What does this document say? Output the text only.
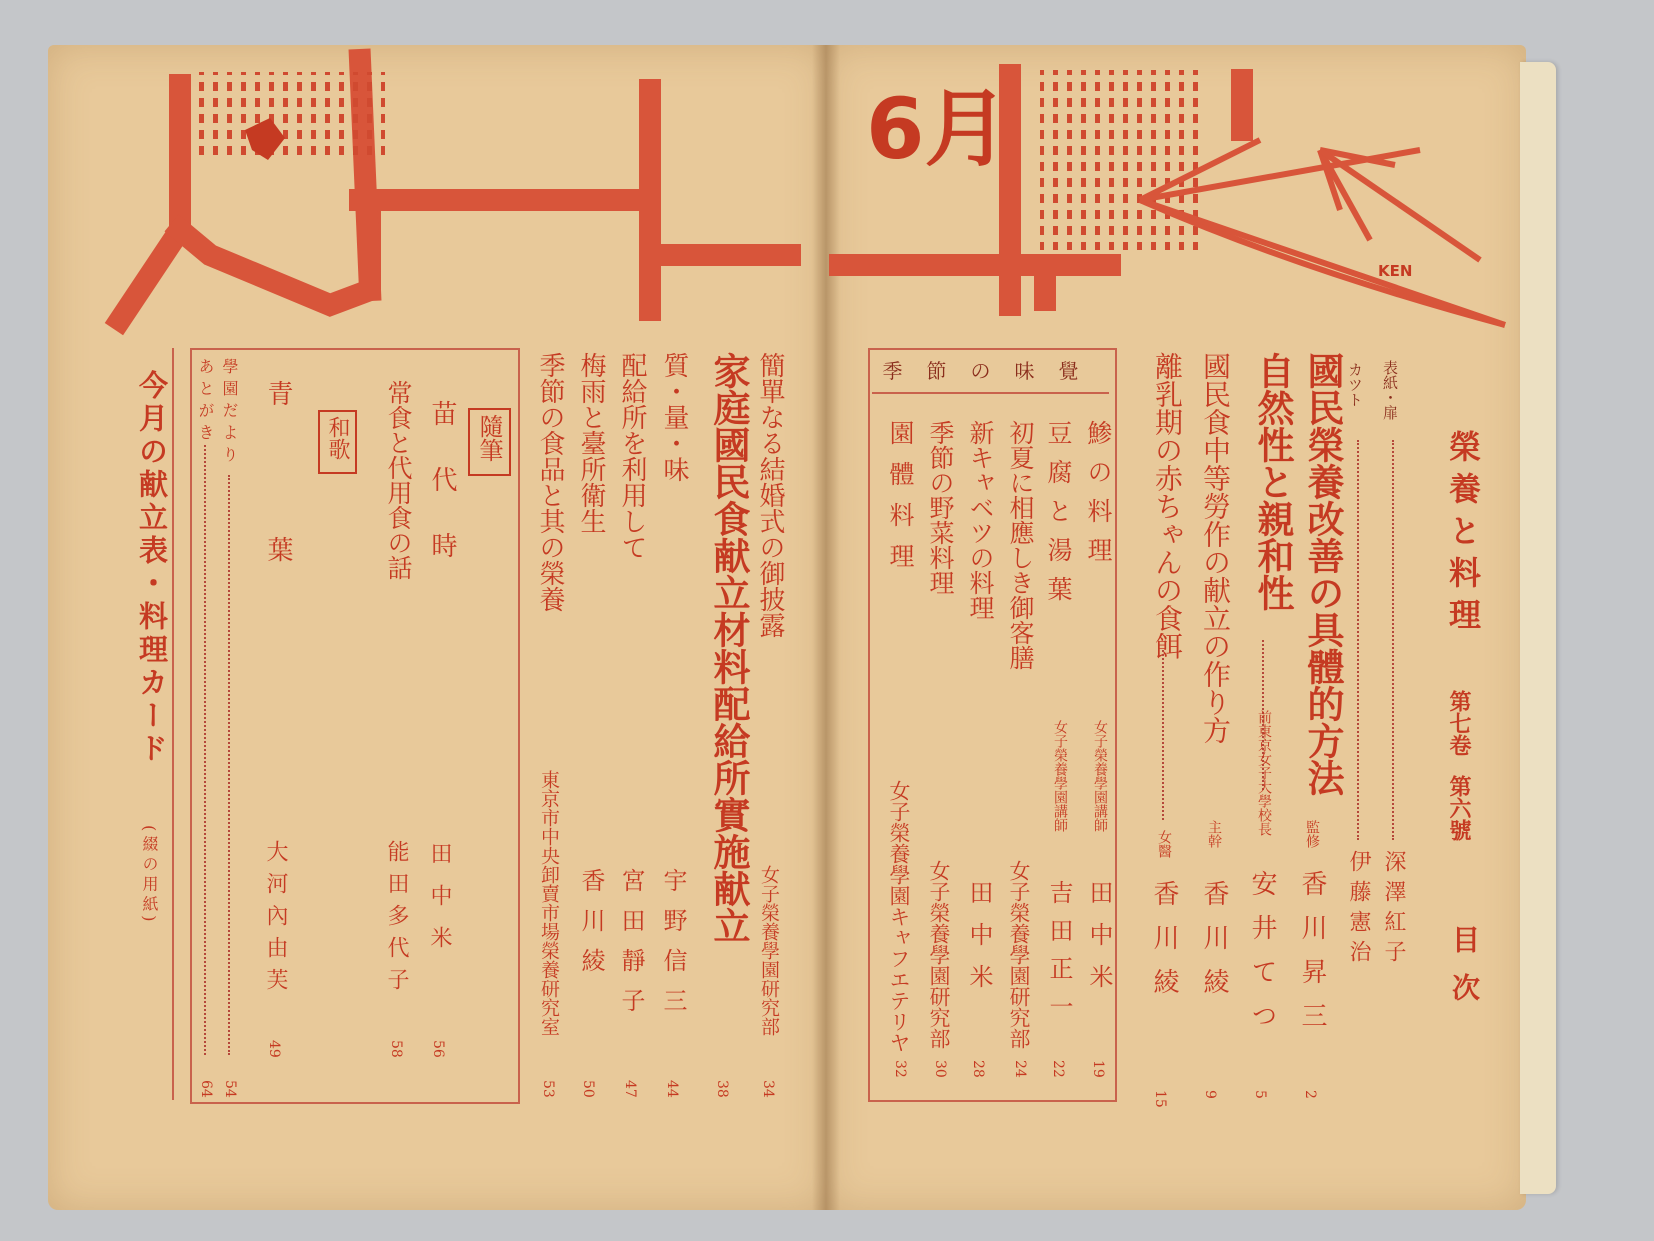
6月
KEN
榮養と料理
第七卷
第六號
目次
表紙・扉
深澤紅子
カツト
伊藤憲治
國民榮養改善の具體的方法
監修
香川昇三
2
自然性と親和性
前東京女子大學校長
安井てつ
5
國民食中等勞作の献立の作り方
主幹
香川綾
9
離乳期の赤ちゃんの食餌
女醫
香川綾
15
季節の味覺
鯵の料理
女子榮養學園講師
田中米
19
豆腐と湯葉
女子榮養學園講師
吉田正一
22
初夏に相應しき御客膳
女子榮養學園研究部
24
新キャベツの料理
田中米
28
季節の野菜料理
女子榮養學園研究部
30
園體料理
女子榮養學園キャフエテリヤ
32
簡單なる結婚式の御披露
女子榮養學園研究部
34
家庭國民食献立材料配給所實施献立
38
質・量・味
宇野信三
44
配給所を利用して
宮田靜子
47
梅雨と臺所衛生
香川綾
50
季節の食品と其の榮養
東京市中央卸賣市場榮養研究室
53
隨筆
苗代時
田中米
56
常食と代用食の話
能田多代子
58
和歌
青葉
大河內由芙
49
學園だより
54
あとがき
64
今月の献立表・料理カード
(綴の用紙)
